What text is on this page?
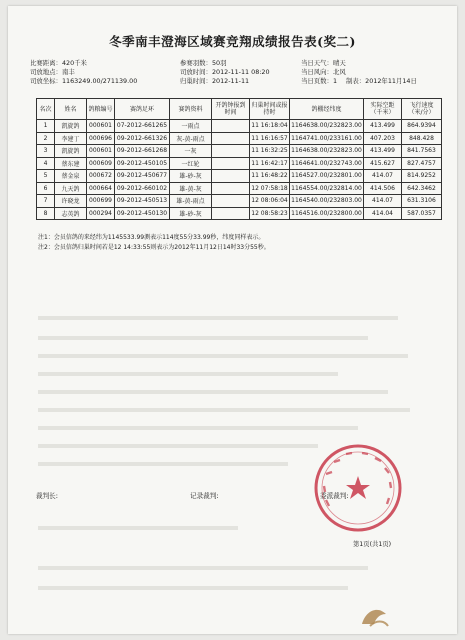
冬季南丰澄海区域赛竞翔成绩报告表(奖二)
比赛距离：420千米
司放地点：南丰
司放坐标：1163249.00/271139.00
参赛羽数：50羽
司放时间：2012-11-11 08:20
归巢时间：2012-11-11
当日天气：晴天
当日风向：北风
当日页数：1 制表：2012年11月14日
名次	姓名	鸽粮编号	赛鸽足环	赛鸽资料	开鸽钟报到时间	归巢时间或报持时	鸽棚经纬度	实际空距（千米）	飞行速度（米/分）
1	凯旋鸽	000601	07-2012-661265	一雨点		11 16:18:04	1164638.00/232823.00	413.499	864.9394
2	李建丁	000696	09-2012-661326	灰-黄-雨点		11 16:16:57	1164741.00/233161.00	407.203	848.428
3	凯旋鸽	000601	09-2012-661268	一灰		11 16:32:25	1164638.00/232823.00	413.499	841.7563
4	蔡东建	000609	09-2012-450105	一红轮		11 16:42:17	1164641.00/232743.00	415.627	827.4757
5	蔡金泉	000672	09-2012-450677	雄-砂-灰		11 16:48:22	1164527.00/232801.00	414.07	814.9252
6	九天鸽	000664	09-2012-660102	雄-黄-灰		12 07:58:18	1164554.00/232814.00	414.506	642.3462
7	许晓龙	000699	09-2012-450513	雄-黄-雨点		12 08:06:04	1164540.00/232803.00	414.07	631.3106
8	志英鸽	000294	09-2012-450130	雄-砂-灰		12 08:58:23	1164516.00/232800.00	414.04	587.0357
注1：会员信鸽的来经纬为1145533.99测表示114度55分33.99秒，纬度同样表示。
注2：会员信鸽归巢时间若是12 14:33:55则表示为2012年11月12日14时33分55秒。
裁判长:	记录裁判:	委派裁判:
第1页(共1页)
